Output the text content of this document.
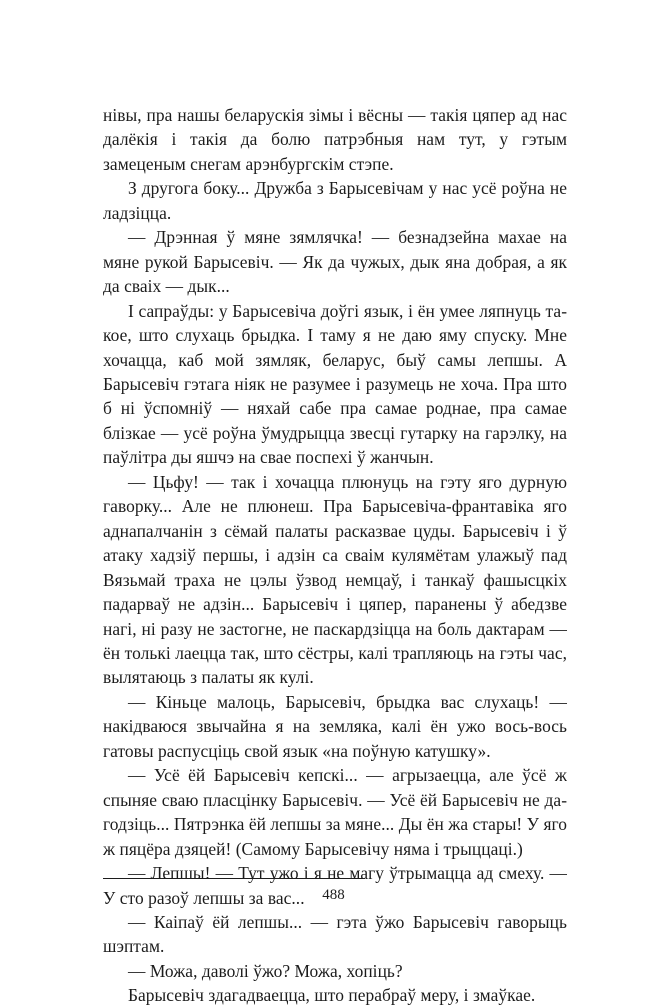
нівы, пра нашы беларускія зімы і вёсны — такія цяпер ад нас далёкія і такія да болю патрэбныя нам тут, у гэтым замеценым снегам арэнбургскім стэпе.

З другога боку... Дружба з Барысевічам у нас усё роўна не ладзіцца.

— Дрэнная ў мяне зямлячка! — безнадзейна махае на мяне рукой Барысевіч. — Як да чужых, дык яна добрая, а як да сваіх — дык...

I сапраўды: у Барысевіча доўгі язык, і ён умее ляпнуць такое, што слухаць брыдка. I таму я не даю яму спуску. Мне хочацца, каб мой зямляк, беларус, быў самы лепшы. А Барысевіч гэтага ніяк не разумее і разумець не хоча. Пра што б ні ўспомніў — няхай сабе пра самае роднае, пра самае блізкае — усё роўна ўмудрыцца звесці гутарку на гарэлку, на паўлітра ды яшчэ на свае поспехі ў жанчын.

— Цьфу! — так і хочацца плюнуць на гэту яго дурную гаворку... Але не плюнеш. Пра Барысевіча-франтавіка яго аднапалчанін з сёмай палаты расказвае цуды. Барысевіч і ў атаку хадзіў першы, і адзін са сваім кулямётам улажыў пад Вязьмай траха не цэлы ўзвод немцаў, і танкаў фашысцкіх падарваў не адзін... Барысевіч і цяпер, паранены ў абедзве нагі, ні разу не застогне, не паскардзіцца на боль дактарам — ён толькі лаецца так, што сёстры, калі трапляюць на гэты час, вылятаюць з палаты як кулі.

— Кіньце малоць, Барысевіч, брыдка вас слухаць! — накідваюся звычайна я на земляка, калі ён ужо вось-вось гатовы распусціць свой язык «на поўную катушку».

— Усё ёй Барысевіч кепскі... — агрызаецца, але ўсё ж спыняе сваю пласцінку Барысевіч. — Усё ёй Барысевіч не дагодзіць... Пятрэнка ёй лепшы за мяне... Ды ён жа стары! У яго ж пяцёра дзяцей! (Самому Барысевічу няма і трыццаці.)

— Лепшы! — Тут ужо і я не магу ўтрымацца ад смеху. — У сто разоў лепшы за вас...

— Каіпаў ёй лепшы... — гэта ўжо Барысевіч гаворыць шэптам.

— Можа, даволі ўжо? Можа, хопіць?

Барысевіч здагадваецца, што перабраў меру, і змаўкае.

488
